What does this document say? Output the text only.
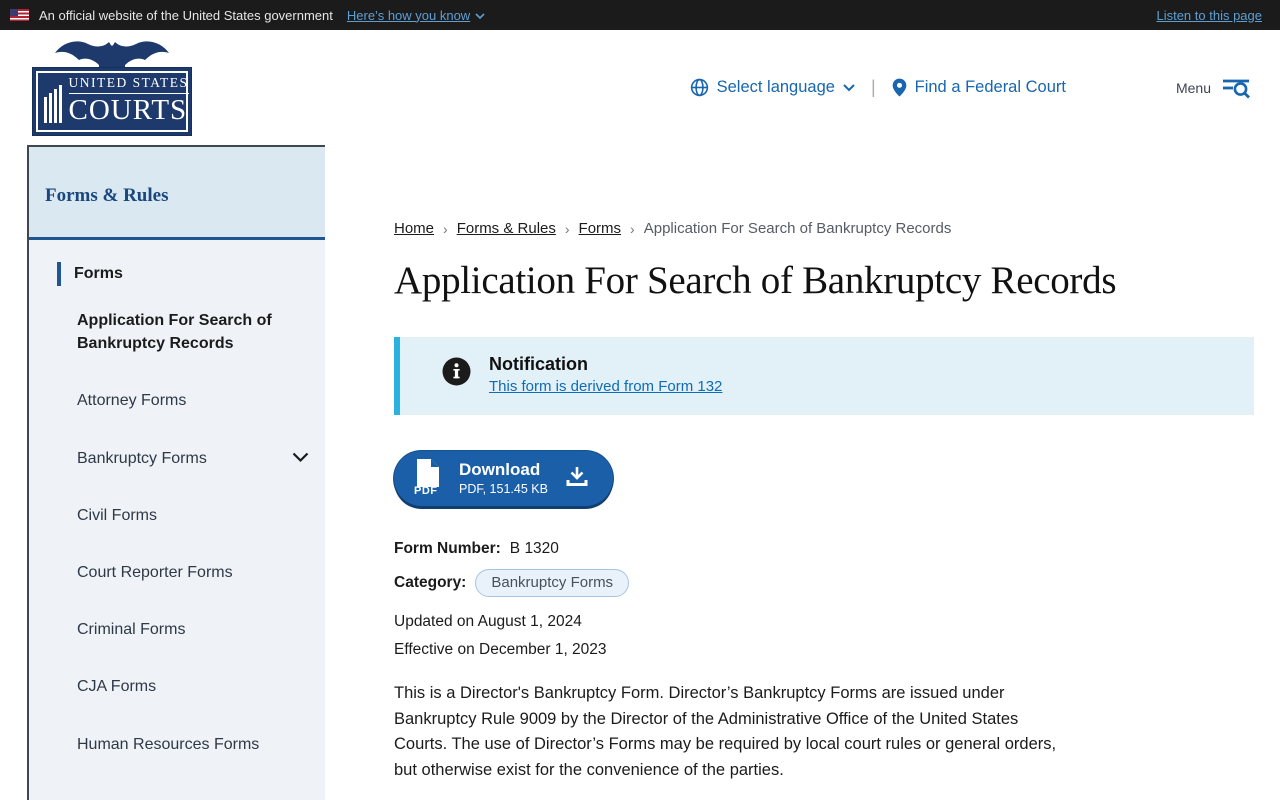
An official website of the United States government Here’s how you know	Listen to this page
UNITED STATES
COURTS
Select language | Find a Federal Court	Menu
Forms & Rules
Forms
Application For Search of Bankruptcy Records
Attorney Forms
Bankruptcy Forms
Civil Forms
Court Reporter Forms
Criminal Forms
CJA Forms
Human Resources Forms
Home › Forms & Rules › Forms › Application For Search of Bankruptcy Records
Application For Search of Bankruptcy Records
Notification
This form is derived from Form 132
PDF
Download
PDF, 151.45 KB
Form Number: B 1320
Category:	Bankruptcy Forms
Updated on August 1, 2024
Effective on December 1, 2023

This is a Director's Bankruptcy Form. Director’s Bankruptcy Forms are issued under Bankruptcy Rule 9009 by the Director of the Administrative Office of the United States Courts. The use of Director’s Forms may be required by local court rules or general orders, but otherwise exist for the convenience of the parties.
